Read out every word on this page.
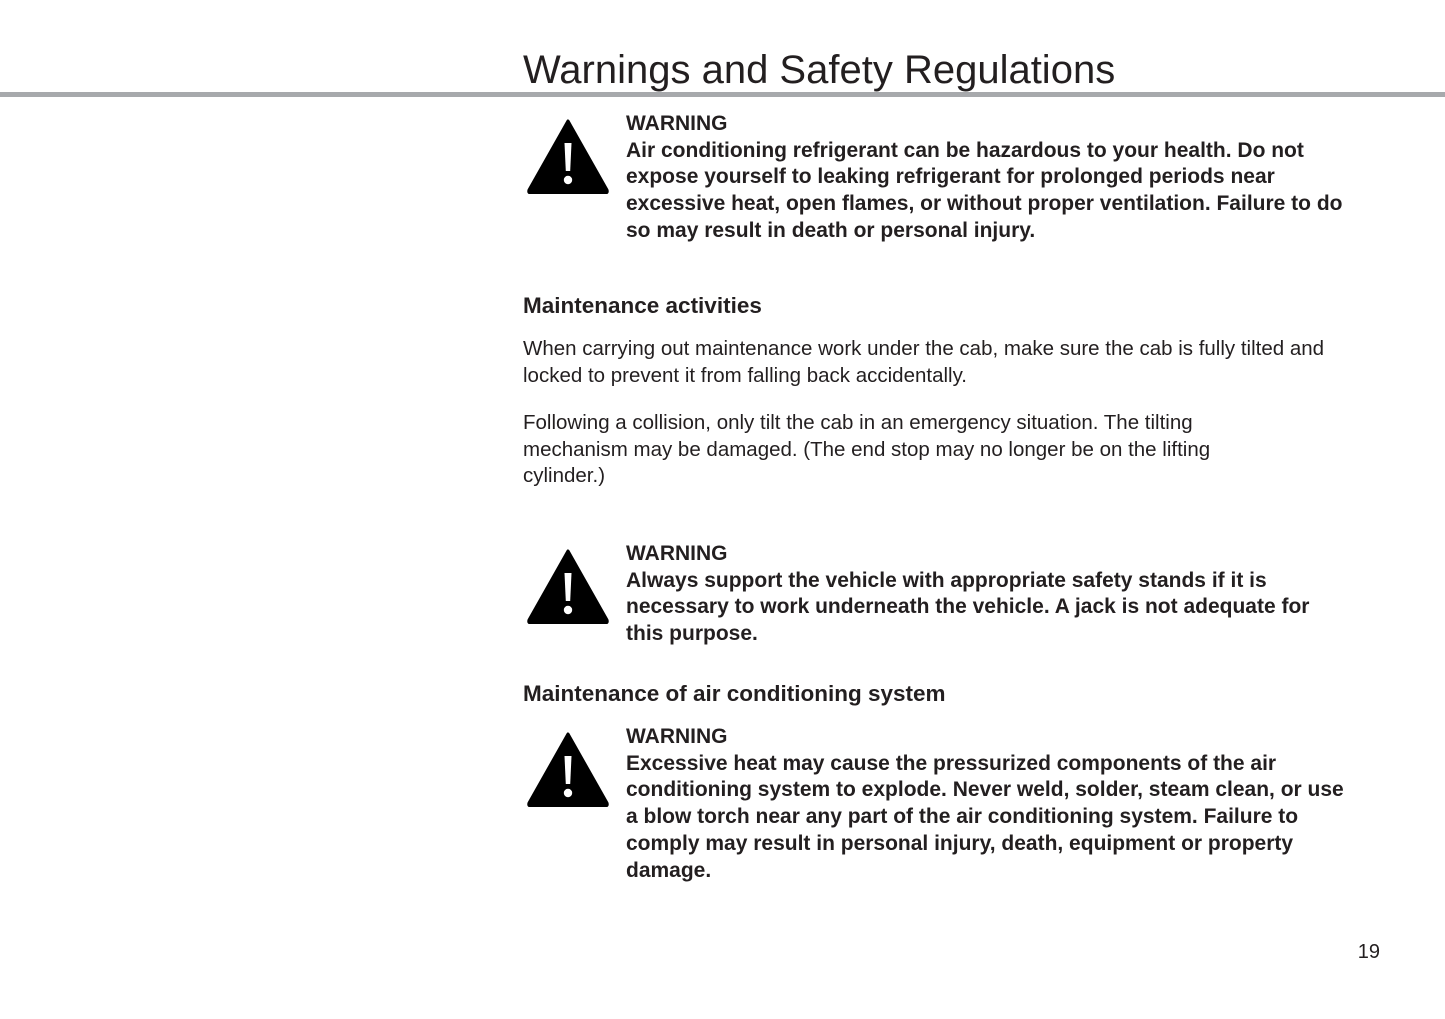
Warnings and Safety Regulations

WARNING

Air conditioning refrigerant can be hazardous to your health. Do not expose yourself to leaking refrigerant for prolonged periods near excessive heat, open flames, or without proper ventilation. Failure to do so may result in death or personal injury.

Maintenance activities

When carrying out maintenance work under the cab, make sure the cab is fully tilted and locked to prevent it from falling back accidentally.

Following a collision, only tilt the cab in an emergency situation. The tilting mechanism may be damaged. (The end stop may no longer be on the lifting cylinder.)

WARNING

Always support the vehicle with appropriate safety stands if it is necessary to work underneath the vehicle. A jack is not adequate for this purpose.

Maintenance of air conditioning system

WARNING

Excessive heat may cause the pressurized components of the air conditioning system to explode. Never weld, solder, steam clean, or use a blow torch near any part of the air conditioning system. Failure to comply may result in personal injury, death, equipment or property damage.

19
